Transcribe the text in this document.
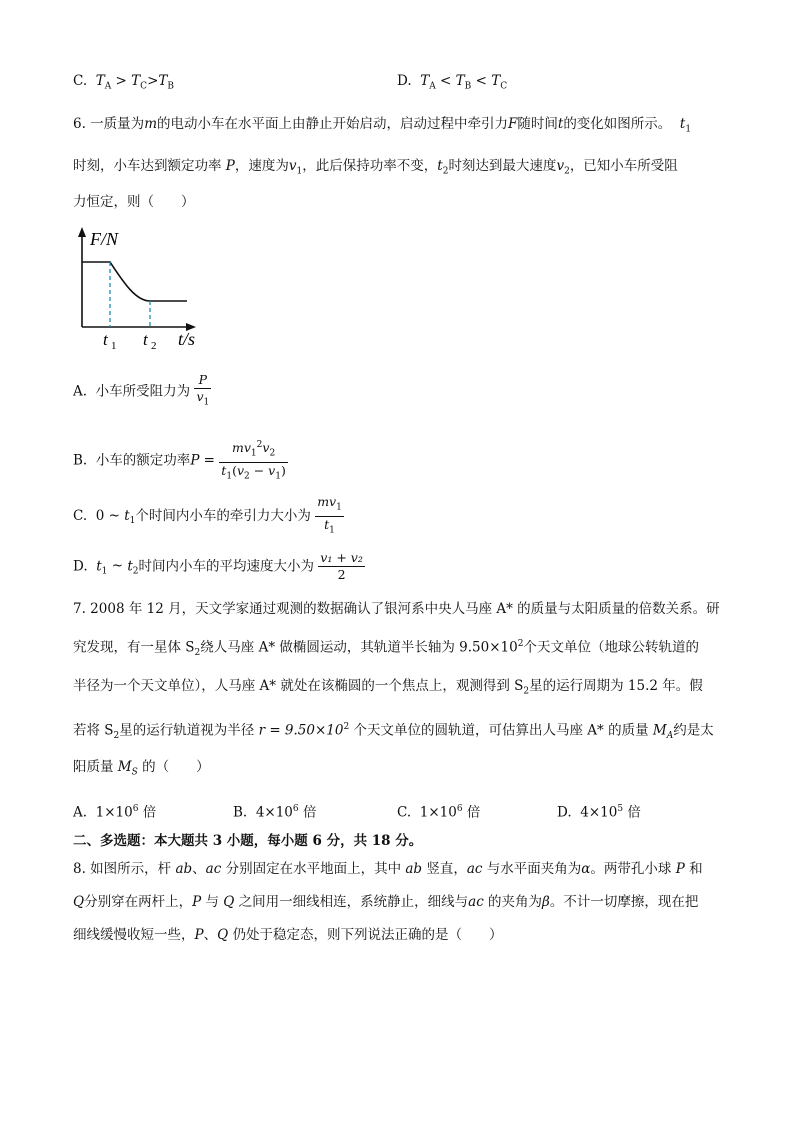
C. $T_A > T_C>T_B$	D. $T_A < T_B < T_C$
6. 一质量为m的电动小车在水平面上由静止开始启动，启动过程中牵引力F随时间t的变化如图所示。 $t_1$
时刻，小车达到额定功率 P，速度为$v_1$，此后保持功率不变，$t_2$时刻达到最大速度$v_2$，已知小车所受阻
力恒定，则（　　）
F/N
t/s
t 1 t 2
A. 小车所受阻力为 $\frac{P}{v_1}$
B. 小车的额定功率$P = \frac{mv_1^2v_2}{t_1(v_2 - v_1)}$
C. 0 ~ $t_1$个时间内小车的牵引力大小为 $\frac{mv_1}{t_1}$
D. $t_1$ ~ $t_2$时间内小车的平均速度大小为 $\frac{\text{v₁ + v₂}}{2}$
7. 2008 年 12 月，天文学家通过观测的数据确认了银河系中央人马座 A* 的质量与太阳质量的倍数关系。研
究发现，有一星体 $S_2$绕人马座 A* 做椭圆运动，其轨道半长轴为 $9.50\times 10^2$个天文单位（地球公转轨道的
半径为一个天文单位），人马座 A* 就处在该椭圆的一个焦点上，观测得到 $S_2$星的运行周期为 15.2 年。假
若将 $S_2$星的运行轨道视为半径 $r = 9.50\times 10^2$ 个天文单位的圆轨道，可估算出人马座 A* 的质量 $M_A$约是太
阳质量 $M_S$ 的（　　）
A. $1\times 10^6$ 倍	B. $4\times 10^6$ 倍	C. $1\times 10^6$ 倍	D. $4\times 10^5$ 倍
二、多选题：本大题共 3 小题，每小题 6 分，共 18 分。
8. 如图所示，杆 ab、ac 分别固定在水平地面上，其中 ab 竖直，ac 与水平面夹角为α。两带孔小球 P 和
Q分别穿在两杆上，P 与 Q 之间用一细线相连，系统静止，细线与ac 的夹角为β。不计一切摩擦，现在把
细线缓慢收短一些，P、Q 仍处于稳定态，则下列说法正确的是（　　）
